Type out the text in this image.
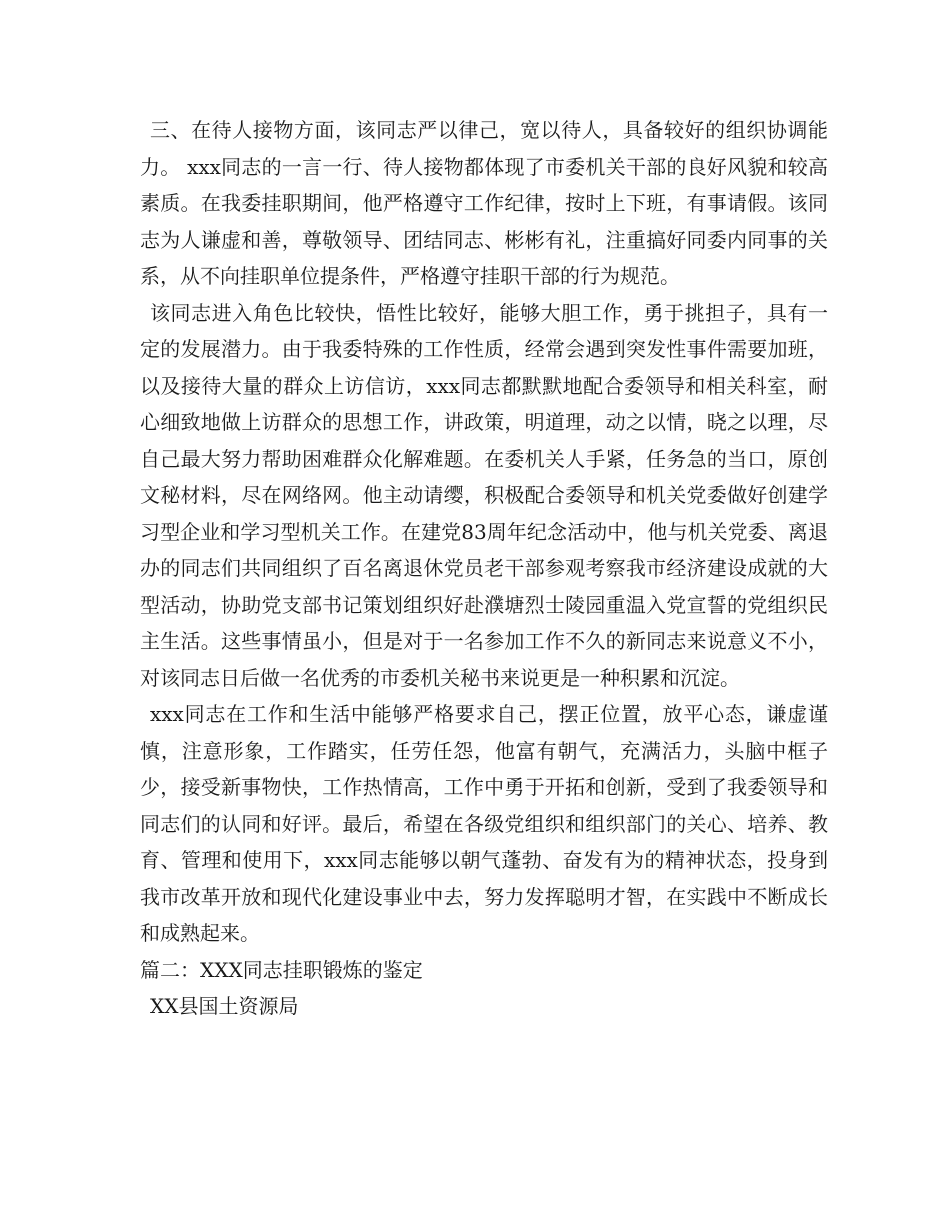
三、在待人接物方面，该同志严以律己，宽以待人，具备较好的组织协调能力。 xxx同志的一言一行、待人接物都体现了市委机关干部的良好风貌和较高素质。在我委挂职期间，他严格遵守工作纪律，按时上下班，有事请假。该同志为人谦虚和善，尊敬领导、团结同志、彬彬有礼，注重搞好同委内同事的关系，从不向挂职单位提条件，严格遵守挂职干部的行为规范。

该同志进入角色比较快，悟性比较好，能够大胆工作，勇于挑担子，具有一定的发展潜力。由于我委特殊的工作性质，经常会遇到突发性事件需要加班，以及接待大量的群众上访信访，xxx同志都默默地配合委领导和相关科室，耐心细致地做上访群众的思想工作，讲政策，明道理，动之以情，晓之以理，尽自己最大努力帮助困难群众化解难题。在委机关人手紧，任务急的当口，原创文秘材料，尽在网络网。他主动请缨，积极配合委领导和机关党委做好创建学习型企业和学习型机关工作。在建党83周年纪念活动中，他与机关党委、离退办的同志们共同组织了百名离退休党员老干部参观考察我市经济建设成就的大型活动，协助党支部书记策划组织好赴濮塘烈士陵园重温入党宣誓的党组织民主生活。这些事情虽小，但是对于一名参加工作不久的新同志来说意义不小，对该同志日后做一名优秀的市委机关秘书来说更是一种积累和沉淀。

xxx同志在工作和生活中能够严格要求自己，摆正位置，放平心态，谦虚谨慎，注意形象，工作踏实，任劳任怨，他富有朝气，充满活力，头脑中框子少，接受新事物快，工作热情高，工作中勇于开拓和创新，受到了我委领导和同志们的认同和好评。最后，希望在各级党组织和组织部门的关心、培养、教育、管理和使用下，xxx同志能够以朝气蓬勃、奋发有为的精神状态，投身到我市改革开放和现代化建设事业中去，努力发挥聪明才智，在实践中不断成长和成熟起来。

篇二：XXX同志挂职锻炼的鉴定

XX县国土资源局
